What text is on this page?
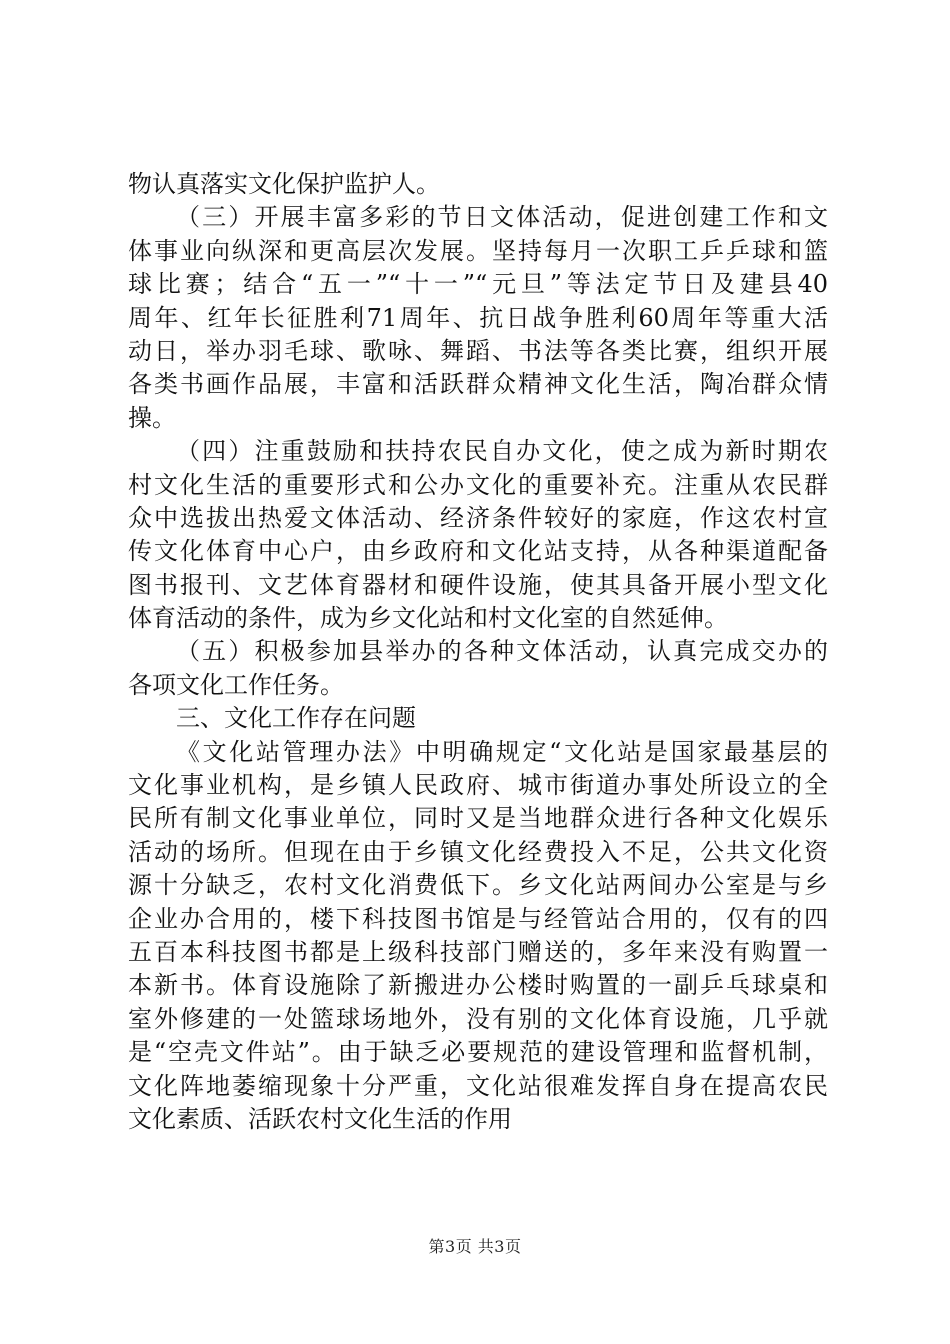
物认真落实文化保护监护人。
（三）开展丰富多彩的节日文体活动，促进创建工作和文
体事业向纵深和更高层次发展。坚持每月一次职工乒乒球和篮
球比赛；结合“五一”“十一”“元旦”等法定节日及建县40
周年、红年长征胜利71周年、抗日战争胜利60周年等重大活
动日，举办羽毛球、歌咏、舞蹈、书法等各类比赛，组织开展
各类书画作品展，丰富和活跃群众精神文化生活，陶冶群众情
操。
（四）注重鼓励和扶持农民自办文化，使之成为新时期农
村文化生活的重要形式和公办文化的重要补充。注重从农民群
众中选拔出热爱文体活动、经济条件较好的家庭，作这农村宣
传文化体育中心户，由乡政府和文化站支持，从各种渠道配备
图书报刊、文艺体育器材和硬件设施，使其具备开展小型文化
体育活动的条件，成为乡文化站和村文化室的自然延伸。
（五）积极参加县举办的各种文体活动，认真完成交办的
各项文化工作任务。
三、文化工作存在问题
《文化站管理办法》中明确规定“文化站是国家最基层的
文化事业机构，是乡镇人民政府、城市街道办事处所设立的全
民所有制文化事业单位，同时又是当地群众进行各种文化娱乐
活动的场所。但现在由于乡镇文化经费投入不足，公共文化资
源十分缺乏，农村文化消费低下。乡文化站两间办公室是与乡
企业办合用的，楼下科技图书馆是与经管站合用的，仅有的四
五百本科技图书都是上级科技部门赠送的，多年来没有购置一
本新书。体育设施除了新搬进办公楼时购置的一副乒乓球桌和
室外修建的一处篮球场地外，没有别的文化体育设施，几乎就
是“空壳文件站”。由于缺乏必要规范的建设管理和监督机制，
文化阵地萎缩现象十分严重，文化站很难发挥自身在提高农民
文化素质、活跃农村文化生活的作用
第3页 共3页
